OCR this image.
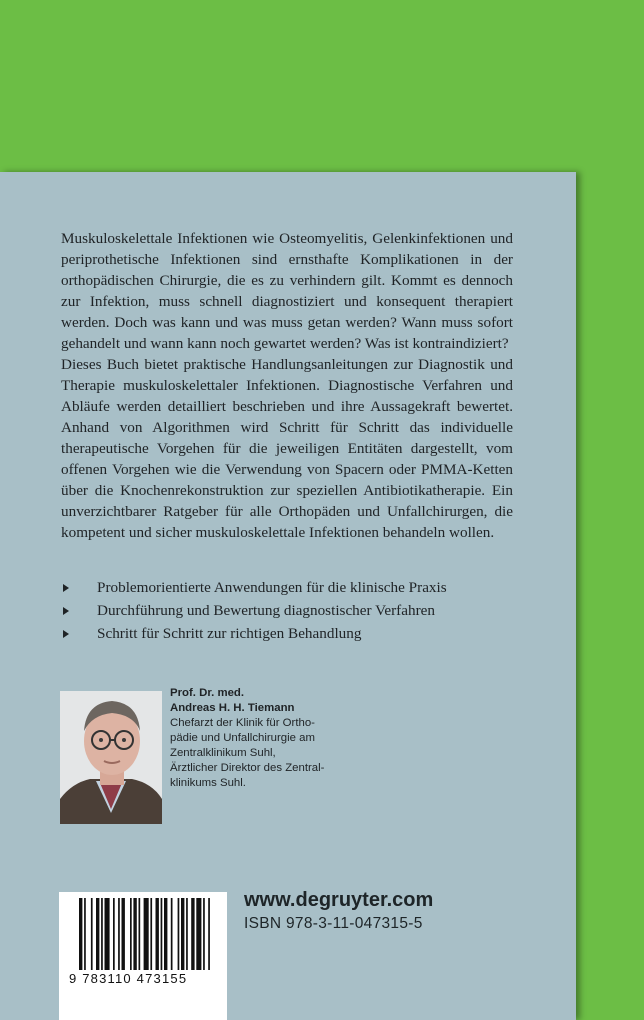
Muskuloskelettale Infektionen wie Osteomyelitis, Gelenkinfektionen und periprothetische Infektionen sind ernsthafte Komplikationen in der orthopädischen Chirurgie, die es zu verhindern gilt. Kommt es dennoch zur Infektion, muss schnell diagnostiziert und konsequent therapiert werden. Doch was kann und was muss getan werden? Wann muss sofort gehandelt und wann kann noch gewartet werden? Was ist kontraindiziert?

Dieses Buch bietet praktische Handlungsanleitungen zur Diagnostik und Therapie muskuloskelettaler Infektionen. Diagnostische Verfahren und Abläufe werden detailliert beschrieben und ihre Aussagekraft bewertet. Anhand von Algorithmen wird Schritt für Schritt das individuelle therapeutische Vorgehen für die jeweiligen Entitäten dargestellt, vom offenen Vorgehen wie die Verwendung von Spacern oder PMMA-Ketten über die Knochenrekonstruktion zur speziellen Antibiotikatherapie. Ein unverzichtbarer Ratgeber für alle Orthopäden und Unfallchirurgen, die kompetent und sicher muskuloskelettale Infektionen behandeln wollen.

Problemorientierte Anwendungen für die klinische Praxis
Durchführung und Bewertung diagnostischer Verfahren
Schritt für Schritt zur richtigen Behandlung
Prof. Dr. med.
Andreas H. H. Tiemann
Chefarzt der Klinik für Ortho-
pädie und Unfallchirurgie am
Zentralklinikum Suhl,
Ärztlicher Direktor des Zentral-
klinikums Suhl.
9 783110 473155
www.degruyter.com
ISBN 978-3-11-047315-5
